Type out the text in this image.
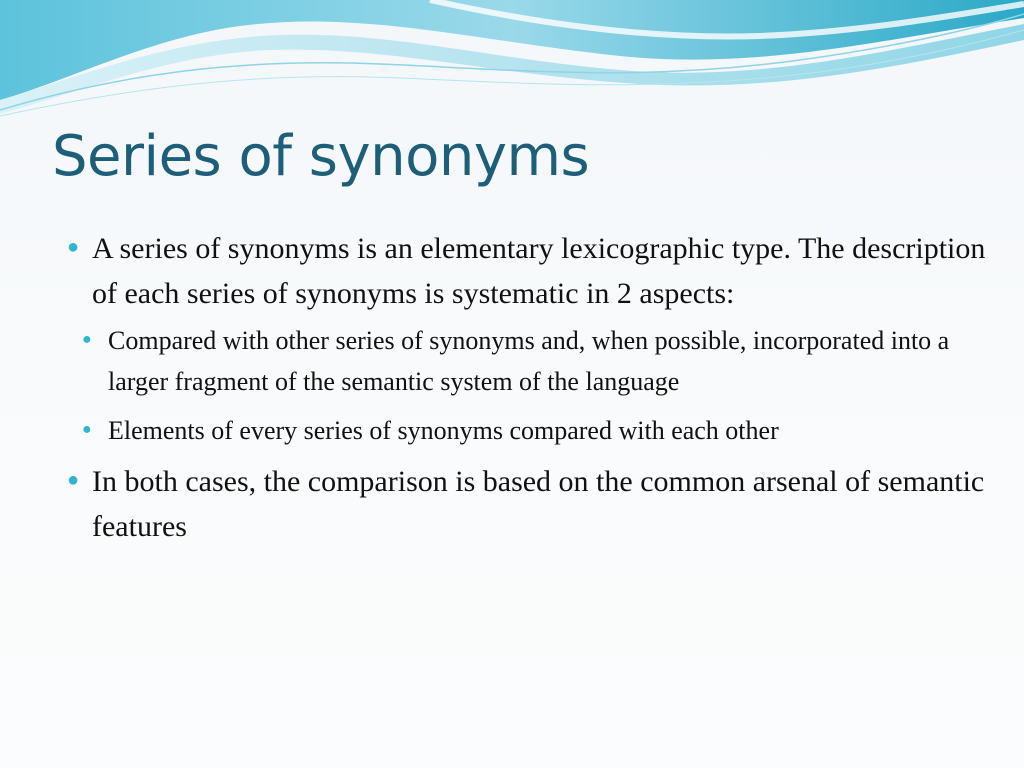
Series of synonyms
● A series of synonyms is an elementary lexicographic type. The description of each series of synonyms is systematic in 2 aspects:
● Compared with other series of synonyms and, when possible, incorporated into a larger fragment of the semantic system of the language
● Elements of every series of synonyms compared with each other
● In both cases, the comparison is based on the common arsenal of semantic features
